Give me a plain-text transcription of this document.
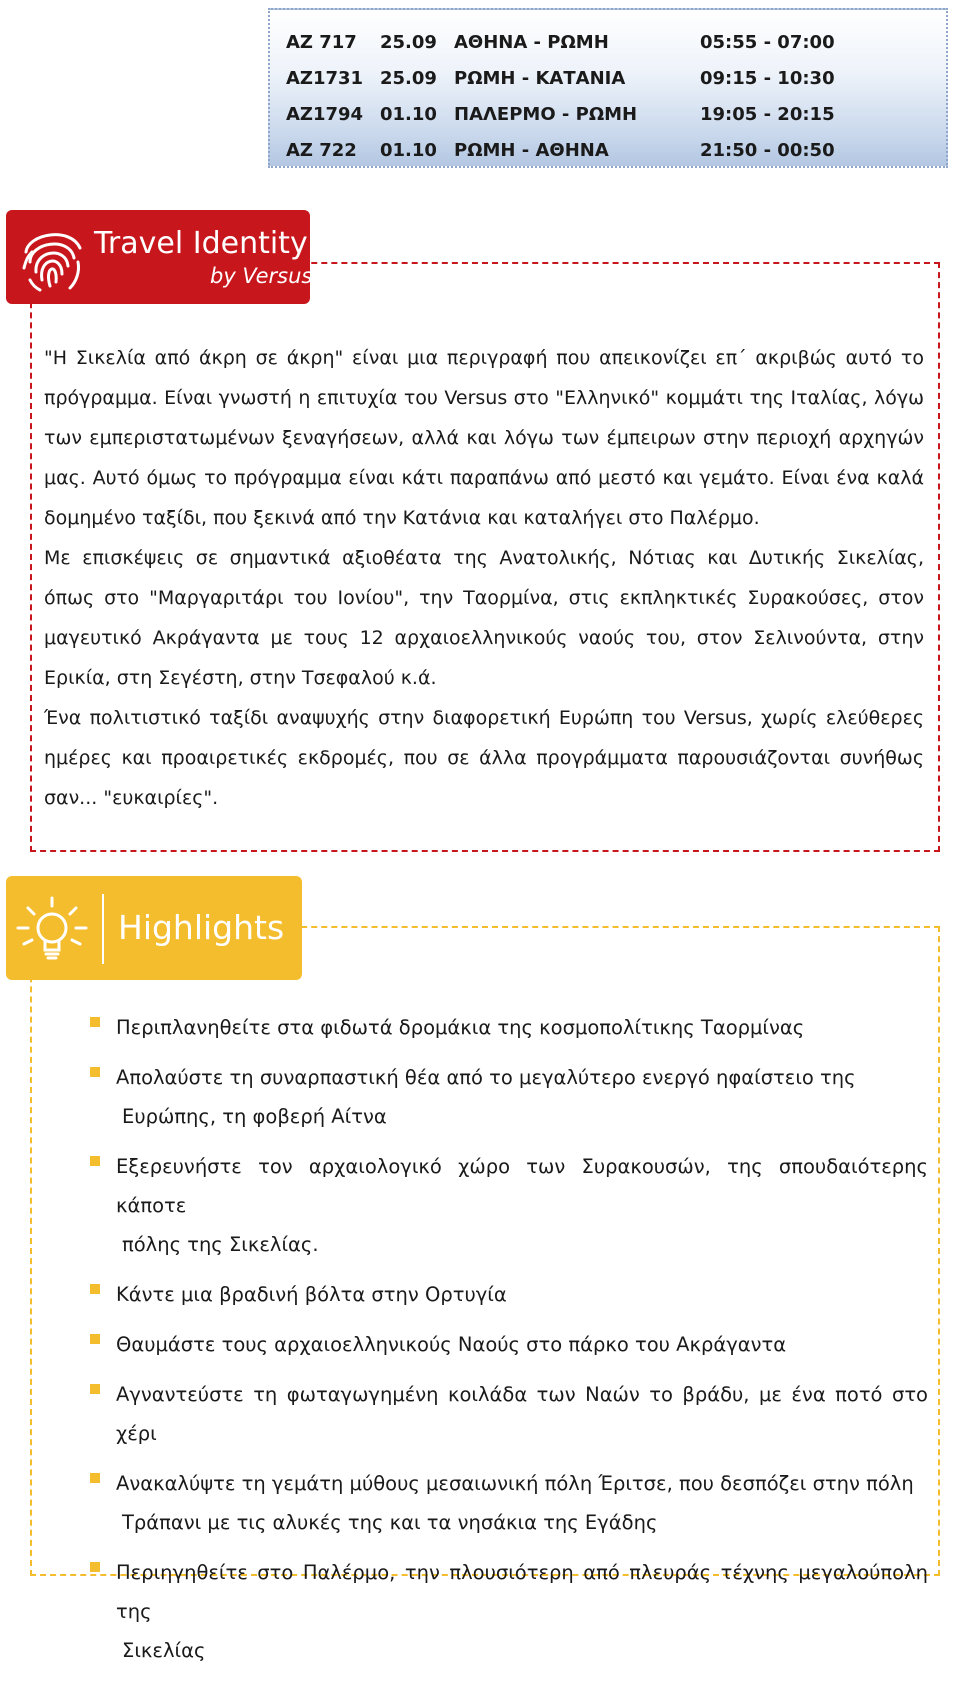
AZ 717 25.09 ΑΘΗΝΑ - ΡΩΜΗ	05:55 - 07:00
AZ1731 25.09 ΡΩΜΗ - ΚΑΤΑΝΙΑ	09:15 - 10:30
AZ1794 01.10 ΠΑΛΕΡΜΟ - ΡΩΜΗ	19:05 - 20:15
AZ 722 01.10 ΡΩΜΗ - ΑΘΗΝΑ	21:50 - 00:50
Travel Identity
by Versus

"Η Σικελία από άκρη σε άκρη" είναι μια περιγραφή που απεικονίζει επ΄ ακριβώς αυτό το πρόγραμμα. Είναι γνωστή η επιτυχία του Versus στο "Ελληνικό" κομμάτι της Ιταλίας, λόγω των εμπεριστατωμένων ξεναγήσεων, αλλά και λόγω των έμπειρων στην περιοχή αρχηγών μας. Αυτό όμως το πρόγραμμα είναι κάτι παραπάνω από μεστό και γεμάτο. Είναι ένα καλά δομημένο ταξίδι, που ξεκινά από την Κατάνια και καταλήγει στο Παλέρμο.

Με επισκέψεις σε σημαντικά αξιοθέατα της Ανατολικής, Νότιας και Δυτικής Σικελίας, όπως στο "Μαργαριτάρι του Ιονίου", την Ταορμίνα, στις εκπληκτικές Συρακούσες, στον μαγευτικό Ακράγαντα με τους 12 αρχαιοελληνικούς ναούς του, στον Σελινούντα, στην Ερικία, στη Σεγέστη, στην Τσεφαλού κ.ά.

Ένα πολιτιστικό ταξίδι αναψυχής στην διαφορετική Ευρώπη του Versus, χωρίς ελεύθερες ημέρες και προαιρετικές εκδρομές, που σε άλλα προγράμματα παρουσιάζονται συνήθως σαν... "ευκαιρίες".

Highlights
Περιπλανηθείτε στα φιδωτά δρομάκια της κοσμοπολίτικης Ταορμίνας
Απολαύστε τη συναρπαστική θέα από το μεγαλύτερο ενεργό ηφαίστειο της
Ευρώπης, τη φοβερή Αίτνα
Εξερευνήστε τον αρχαιολογικό χώρο των Συρακουσών, της σπουδαιότερης κάποτε
πόλης της Σικελίας.
Κάντε μια βραδινή βόλτα στην Ορτυγία
Θαυμάστε τους αρχαιοελληνικούς Ναούς στο πάρκο του Ακράγαντα
Αγναντεύστε τη φωταγωγημένη κοιλάδα των Ναών το βράδυ, με ένα ποτό στο χέρι
Ανακαλύψτε τη γεμάτη μύθους μεσαιωνική πόλη Έριτσε, που δεσπόζει στην πόλη
Τράπανι με τις αλυκές της και τα νησάκια της Εγάδης
Περιηγηθείτε στο Παλέρμο, την πλουσιότερη από πλευράς τέχνης μεγαλούπολη της
Σικελίας
